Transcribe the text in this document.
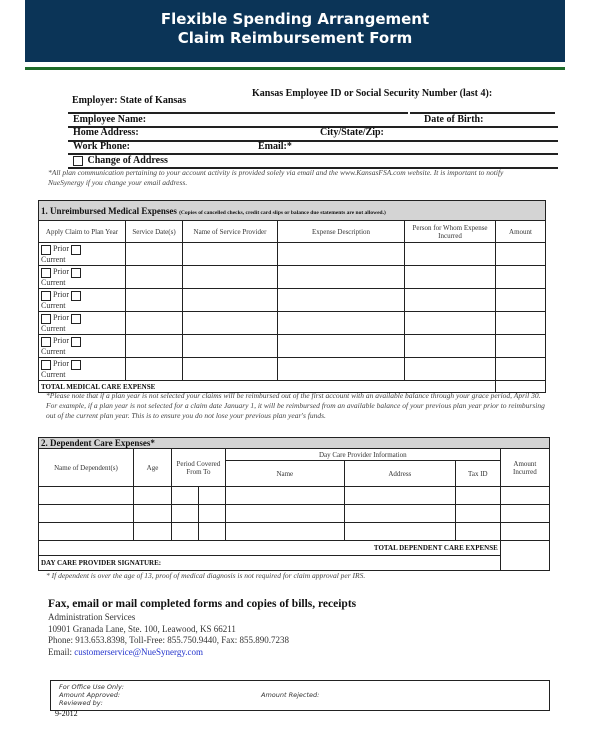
Flexible Spending Arrangement
Claim Reimbursement Form
Employer: State of Kansas
Kansas Employee ID or Social Security Number (last 4):
Employee Name:	Date of Birth:
Home Address:	City/State/Zip:
Work Phone:	Email:*
Change of Address
*All plan communication pertaining to your account activity is provided solely via email and the www.KansasFSA.com website. It is important to notify NueSynergy if you change your email address.
1. Unreimbursed Medical Expenses (Copies of cancelled checks, credit card slips or balance due statements are not allowed.)					
Apply Claim to Plan Year	Service Date(s)	Name of Service Provider	Expense Description	Person for Whom Expense Incurred	Amount
Prior
Current					
Prior
Current					
Prior
Current					
Prior
Current					
Prior
Current					
Prior
Current					
TOTAL MEDICAL CARE EXPENSE					
*Please note that if a plan year is not selected your claims will be reimbursed out of the first account with an available balance through your grace period, April 30. For example, if a plan year is not selected for a claim date January 1, it will be reimbursed from an available balance of your previous plan year prior to reimbursing out of the current plan year. This is to ensure you do not lose your previous plan year's funds.
2. Dependent Care Expenses*							
Name of Dependent(s)	Age	Period Covered From To		Day Care Provider Information			Amount Incurred
				Name	Address	Tax ID	

TOTAL DEPENDENT CARE EXPENSE							
DAY CARE PROVIDER SIGNATURE:							
* If dependent is over the age of 13, proof of medical diagnosis is not required for claim approval per IRS.
Fax, email or mail completed forms and copies of bills, receipts
Administration Services
10901 Granada Lane, Ste. 100, Leawood, KS 66211
Phone: 913.653.8398, Toll-Free: 855.750.9440, Fax: 855.890.7238
Email: customerservice@NueSynergy.com
For Office Use Only:
Amount Approved:
Reviewed by:
Amount Rejected:
9-2012
